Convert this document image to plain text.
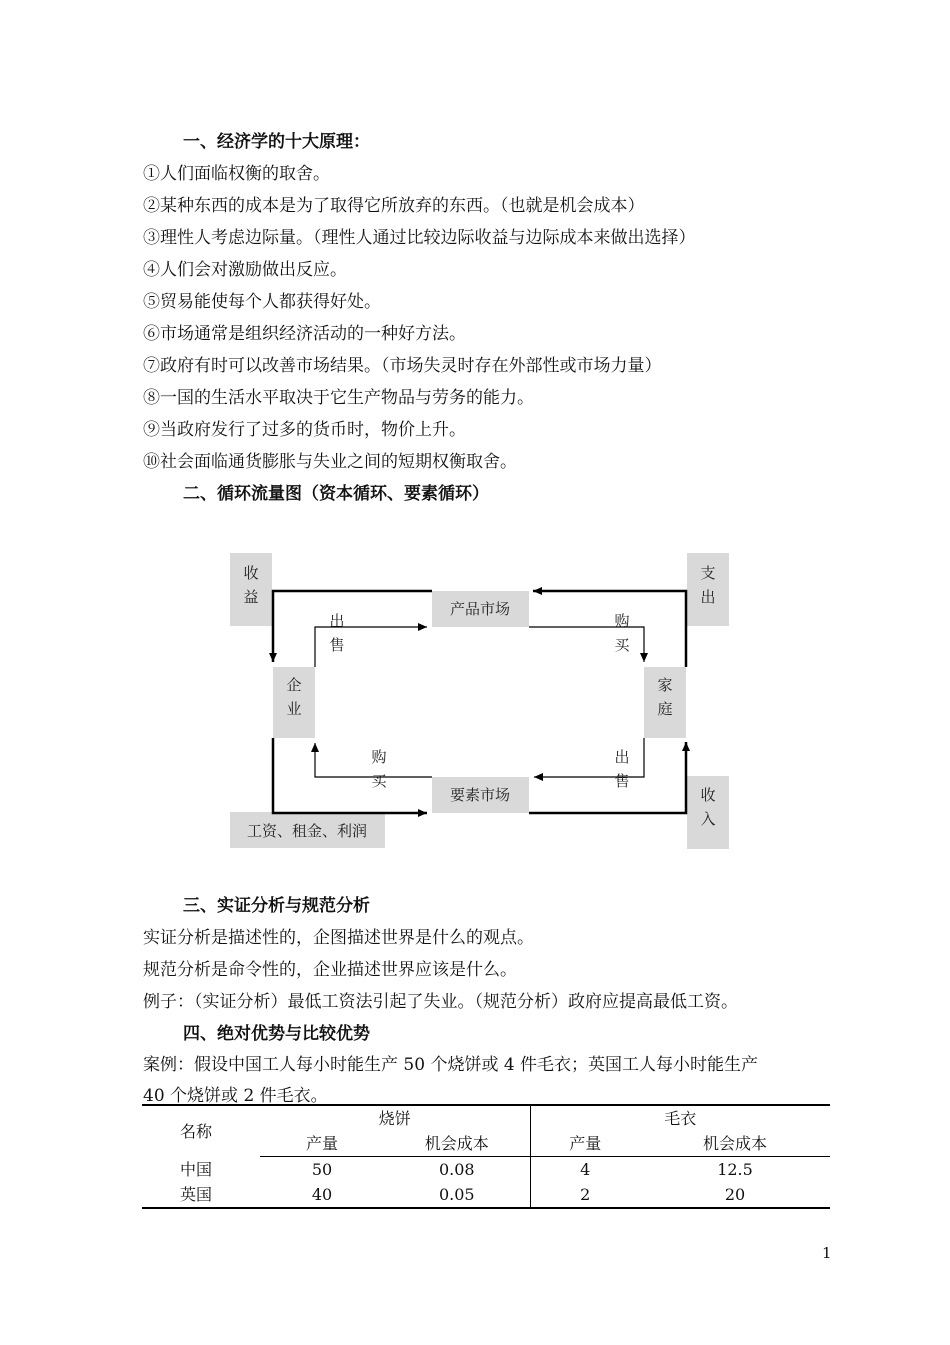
一、经济学的十大原理：
①人们面临权衡的取舍。
②某种东西的成本是为了取得它所放弃的东西。（也就是机会成本）
③理性人考虑边际量。（理性人通过比较边际收益与边际成本来做出选择）
④人们会对激励做出反应。
⑤贸易能使每个人都获得好处。
⑥市场通常是组织经济活动的一种好方法。
⑦政府有时可以改善市场结果。（市场失灵时存在外部性或市场力量）
⑧一国的生活水平取决于它生产物品与劳务的能力。
⑨当政府发行了过多的货币时，物价上升。
⑩社会面临通货膨胀与失业之间的短期权衡取舍。
二、循环流量图（资本循环、要素循环）
收
益
支
出
企
业
家
庭
产品市场
要素市场	收
入
工资、租金、利润
出
售
购
买
购
买
出
售
三、实证分析与规范分析
实证分析是描述性的，企图描述世界是什么的观点。
规范分析是命令性的，企业描述世界应该是什么。
例子：（实证分析）最低工资法引起了失业。（规范分析）政府应提高最低工资。
四、绝对优势与比较优势
案例：假设中国工人每小时能生产 50 个烧饼或 4 件毛衣；英国工人每小时能生产
40 个烧饼或 2 件毛衣。
名称	烧饼		毛衣	
	产量	机会成本	产量	机会成本
中国	50	0.08	4	12.5
英国	40	0.05	2	20
1
